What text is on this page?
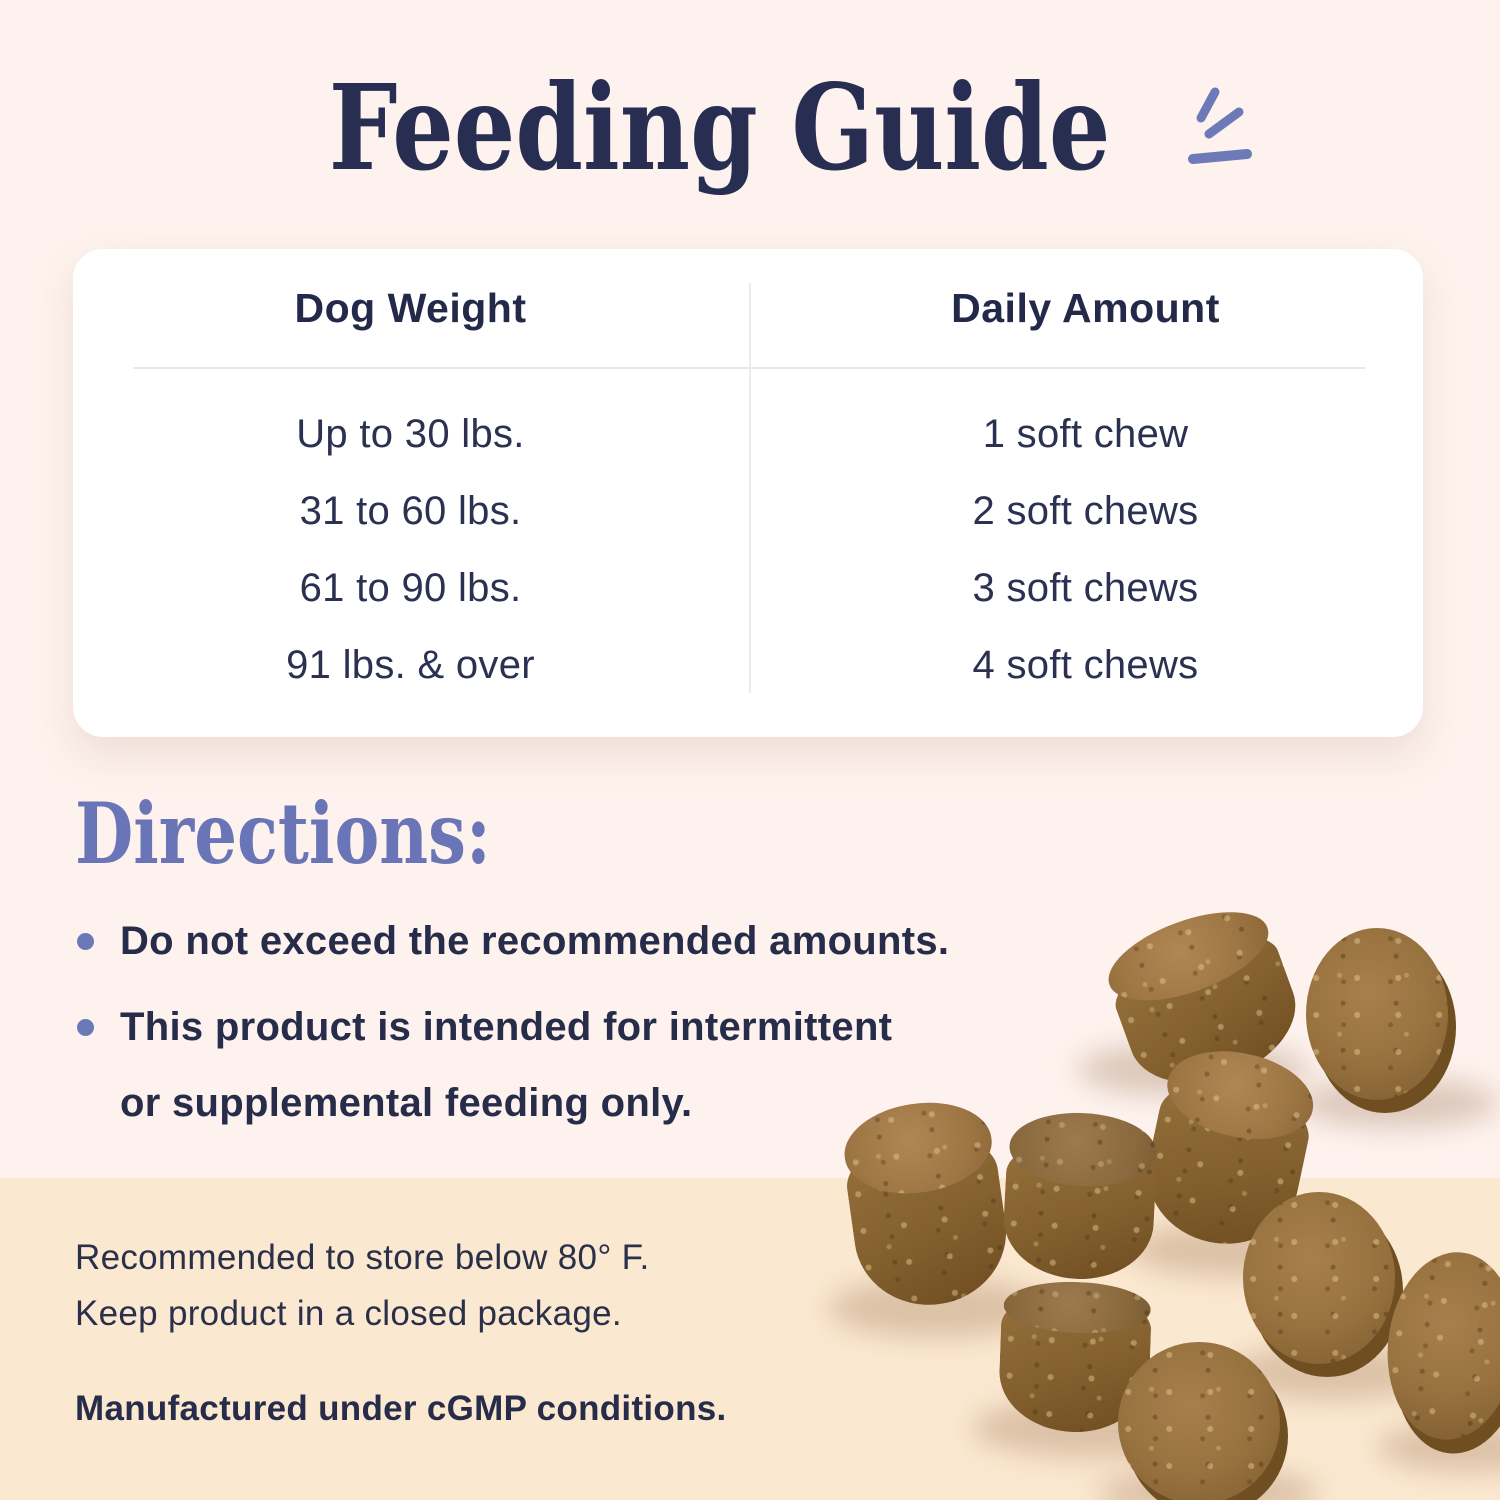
Feeding Guide
Dog Weight	Daily Amount
Up to 30 lbs.
31 to 60 lbs.
61 to 90 lbs.
91 lbs. & over
1 soft chew
2 soft chews
3 soft chews
4 soft chews
Directions:
Do not exceed the recommended amounts.
This product is intended for intermittent
or supplemental feeding only.

Recommended to store below 80° F.

Keep product in a closed package.

Manufactured under cGMP conditions.
